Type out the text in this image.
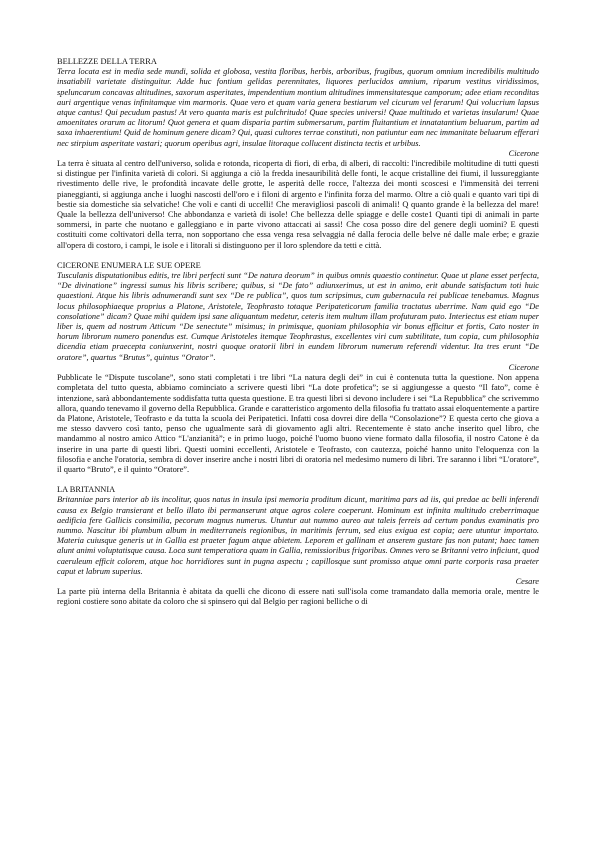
BELLEZZE DELLA TERRA

Terra locata est in media sede mundi, solida et globosa, vestita floribus, herbis, arboribus, frugibus, quorum omnium incredibilis multitudo insatiabili varietate distinguitur. Adde huc fontium gelidas perennitates, liquores perlucidos amnium, riparum vestitus viridissimos, speluncarum concavas altitudines, saxorum asperitates, impendentium montium altitudines immensitatesque camporum; adee etiam reconditas auri argentique venas infinitamque vim marmoris. Quae vero et quam varia genera bestiarum vel cicurum vel ferarum! Qui volucrium lapsus atque cantus! Qui pecudum pastus! At vero quanta maris est pulchritudo! Quae species universi! Quae multitudo et varietas insularum! Quae amoenitates orarum ac litorum! Quot genera et quam disparia partim submersarum, partim fluitantium et innatatantium beluarum, partim ad saxa inhaerentium! Quid de hominum genere dicam? Qui, quasi cultores terrae constituti, non patiuntur eam nec immanitate beluarum efferari nec stirpium asperitate vastari; quorum operibus agri, insulae litoraque collucent distincta tectis et urbibus.

Cicerone

La terra è situata al centro dell'universo, solida e rotonda, ricoperta di fiori, di erba, di alberi, di raccolti: l'incredibile moltitudine di tutti questi si distingue per l'infinita varietà di colori. Si aggiunga a ciò la fredda inesauribilità delle fonti, le acque cristalline dei fiumi, il lussureggiante rivestimento delle rive, le profondità incavate delle grotte, le asperità delle rocce, l'altezza dei monti scoscesi e l'immensità dei terreni pianeggianti, si aggiunga anche i luoghi nascosti dell'oro e i filoni di argento e l'infinita forza del marmo. Oltre a ciò quali e quanto vari tipi di bestie sia domestiche sia selvatiche! Che voli e canti di uccelli! Che meravigliosi pascoli di animali! Q quanto grande è la bellezza del mare! Quale la bellezza dell'universo! Che abbondanza e varietà di isole! Che bellezza delle spiagge e delle coste1 Quanti tipi di animali in parte sommersi, in parte che nuotano e galleggiano e in parte vivono attaccati ai sassi! Che cosa posso dire del genere degli uomini? E questi costituiti come coltivatori della terra, non sopportano che essa venga resa selvaggia né dalla ferocia delle belve né dalle male erbe; e grazie all'opera di costoro, i campi, le isole e i litorali si distinguono per il loro splendore da tetti e città.

CICERONE ENUMERA LE SUE OPERE

Tusculanis disputationibus editis, tre libri perfecti sunt “De natura deorum” in quibus omnis quaestio continetur. Quae ut plane esset perfecta, “De divinatione” ingressi sumus his libris scribere; quibus, si “De fato” adiunxerimus, ut est in animo, erit abunde satisfactum toti huic quaestioni. Atque his libris adnumerandi sunt sex “De re publica”, quos tum scripsimus, cum gubernacula rei publicae tenebamus. Magnus locus philosophiaeque proprius a Platone, Aristotele, Teophrasto totaque Peripateticorum familia tractatus uberrime. Nam quid ego “De consolatione” dicam? Quae mihi quidem ipsi sane aliquantum medetur, ceteris item multum illam profuturam puto. Interiectus est etiam nuper liber is, quem ad nostrum Atticum “De senectute” misimus; in primisque, quoniam philosophia vir bonus efficitur et fortis, Cato noster in horum librorum numero ponendus est. Cumque Aristoteles itemque Teophrastus, excellentes viri cum subtilitate, tum copia, cum philosophia dicendia etiam praecepta coniunxerint, nostri quoque oratorii libri in eundem librorum numerum referendi videntur. Ita tres erunt “De oratore”, quartus “Brutus”, quintus “Orator”.

Cicerone

Pubblicate le “Dispute tuscolane”, sono stati completati i tre libri “La natura degli dei” in cui è contenuta tutta la questione. Non appena completata del tutto questa, abbiamo cominciato a scrivere questi libri “La dote profetica”; se si aggiungesse a questo “Il fato”, come è intenzione, sarà abbondantemente soddisfatta tutta questa questione. E tra questi libri si devono includere i sei “La Repubblica” che scrivemmo allora, quando tenevamo il governo della Repubblica. Grande e caratteristico argomento della filosofia fu trattato assai eloquentemente a partire da Platone, Aristotele, Teofrasto e da tutta la scuola dei Peripatetici. Infatti cosa dovrei dire della “Consolazione”? E questa certo che giova a me stesso davvero così tanto, penso che ugualmente sarà di giovamento agli altri. Recentemente è stato anche inserito quel libro, che mandammo al nostro amico Attico “L'anzianità”; e in primo luogo, poiché l'uomo buono viene formato dalla filosofia, il nostro Catone è da inserire in una parte di questi libri. Questi uomini eccellenti, Aristotele e Teofrasto, con cautezza, poiché hanno unito l'eloquenza con la filosofia e anche l'oratoria, sembra di dover inserire anche i nostri libri di oratoria nel medesimo numero di libri. Tre saranno i libri “L'oratore”, il quarto “Bruto”, e il quinto “Oratore”.

LA BRITANNIA

Britanniae pars interior ab iis incolitur, quos natus in insula ipsi memoria proditum dicunt, maritima pars ad iis, qui predae ac belli inferendi causa ex Belgio transierant et bello illato ibi permanserunt atque agros colere coeperunt. Hominum est infinita multitudo creberrimaque aedificia fere Gallicis consimilia, pecorum magnus numerus. Utuntur aut nummo aureo aut taleis ferreis ad certum pondus examinatis pro nummo. Nascitur ibi plumbum album in mediterraneis regionibus, in maritimis ferrum, sed eius exigua est copia; aere utuntur importato. Materia cuiusque generis ut in Gallia est praeter fagum atque abietem. Leporem et gallinam et anserem gustare fas non putant; haec tamen alunt animi voluptatisque causa. Loca sunt temperatiora quam in Gallia, remissioribus frigoribus. Omnes vero se Britanni vetro inficiunt, quod caeruleum efficit colorem, atque hoc horridiores sunt in pugna aspectu ; capillosque sunt promisso atque omni parte corporis rasa praeter caput et labrum superius.

Cesare

La parte più interna della Britannia è abitata da quelli che dicono di essere nati sull'isola come tramandato dalla memoria orale, mentre le regioni costiere sono abitate da coloro che si spinsero qui dal Belgio per ragioni belliche o di
